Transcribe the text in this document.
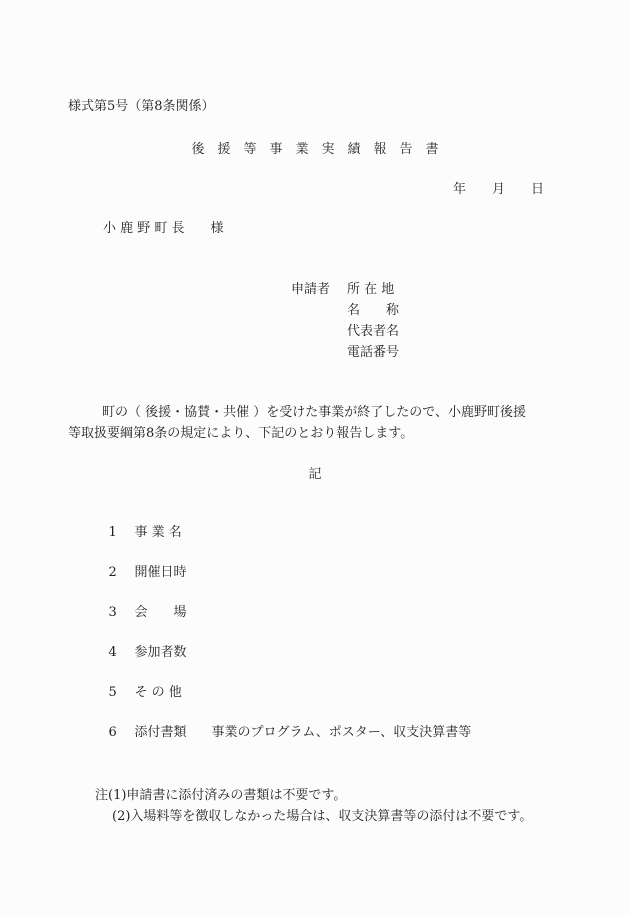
様式第5号（第8条関係）
後　援　等　事　業　実　績　報　告　書
年　　月　　日
小 鹿 野 町 長　　様
申請者 所 在 地
名　　称
代表者名
電話番号
町の（ 後援・協賛・共催 ）を受けた事業が終了したので、小鹿野町後援
等取扱要綱第8条の規定により、下記のとおり報告します。
記

1 事 業 名

2 開催日時

3 会　　場

4 参加者数

5 そ の 他

6 添付書類 事業のプログラム、ポスター、収支決算書等

注(1)申請書に添付済みの書類は不要です。
(2)入場料等を徴収しなかった場合は、収支決算書等の添付は不要です。
